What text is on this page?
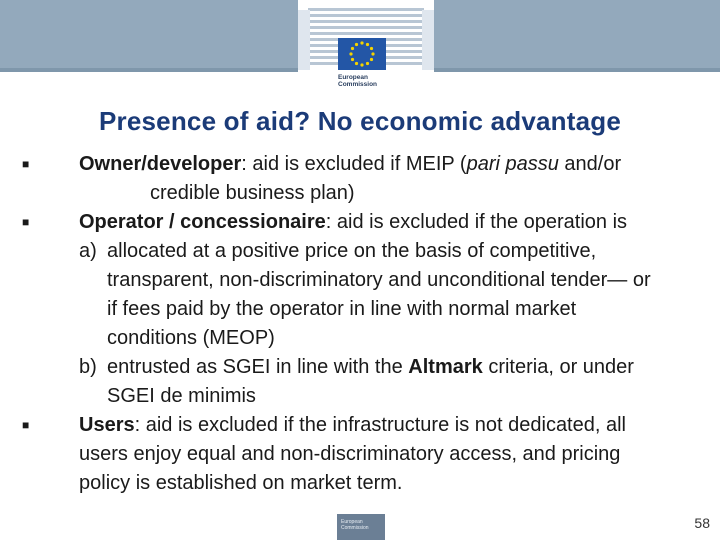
European
Commission
Presence of aid? No economic advantage
■ Owner/developer: aid is excluded if MEIP (pari passu and/or
credible business plan)
■ Operator / concessionaire: aid is excluded if the operation is
a) allocated at a positive price on the basis of competitive,
transparent, non-discriminatory and unconditional tender— or
if fees paid by the operator in line with normal market
conditions (MEOP)
b) entrusted as SGEI in line with the Altmark criteria, or under
SGEI de minimis
■ Users: aid is excluded if the infrastructure is not dedicated, all
users enjoy equal and non-discriminatory access, and pricing
policy is established on market term.
European Commission	58
